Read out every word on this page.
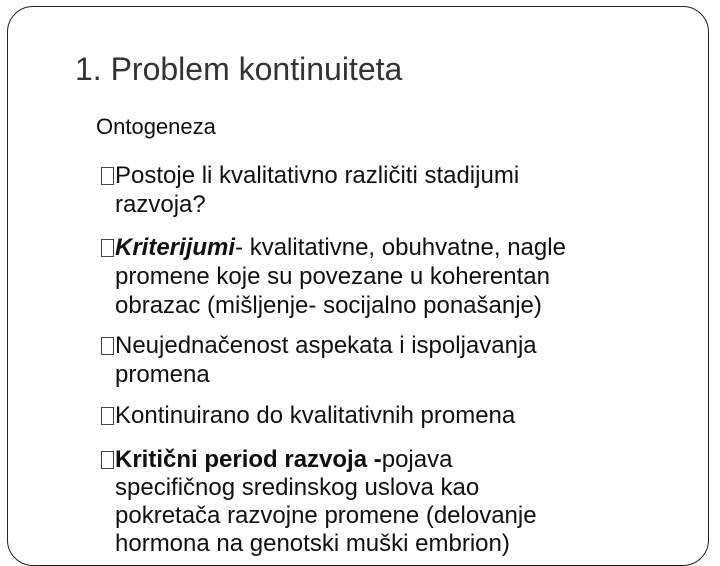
1. Problem kontinuiteta
Ontogeneza
Postoje li kvalitativno različiti stadijumi
razvoja?
Kriterijumi- kvalitativne, obuhvatne, nagle
promene koje su povezane u koherentan
obrazac (mišljenje- socijalno ponašanje)
Neujednačenost aspekata i ispoljavanja
promena
Kontinuirano do kvalitativnih promena
Kritični period razvoja -pojava
specifičnog sredinskog uslova kao
pokretača razvojne promene (delovanje
hormona na genotski muški embrion)
